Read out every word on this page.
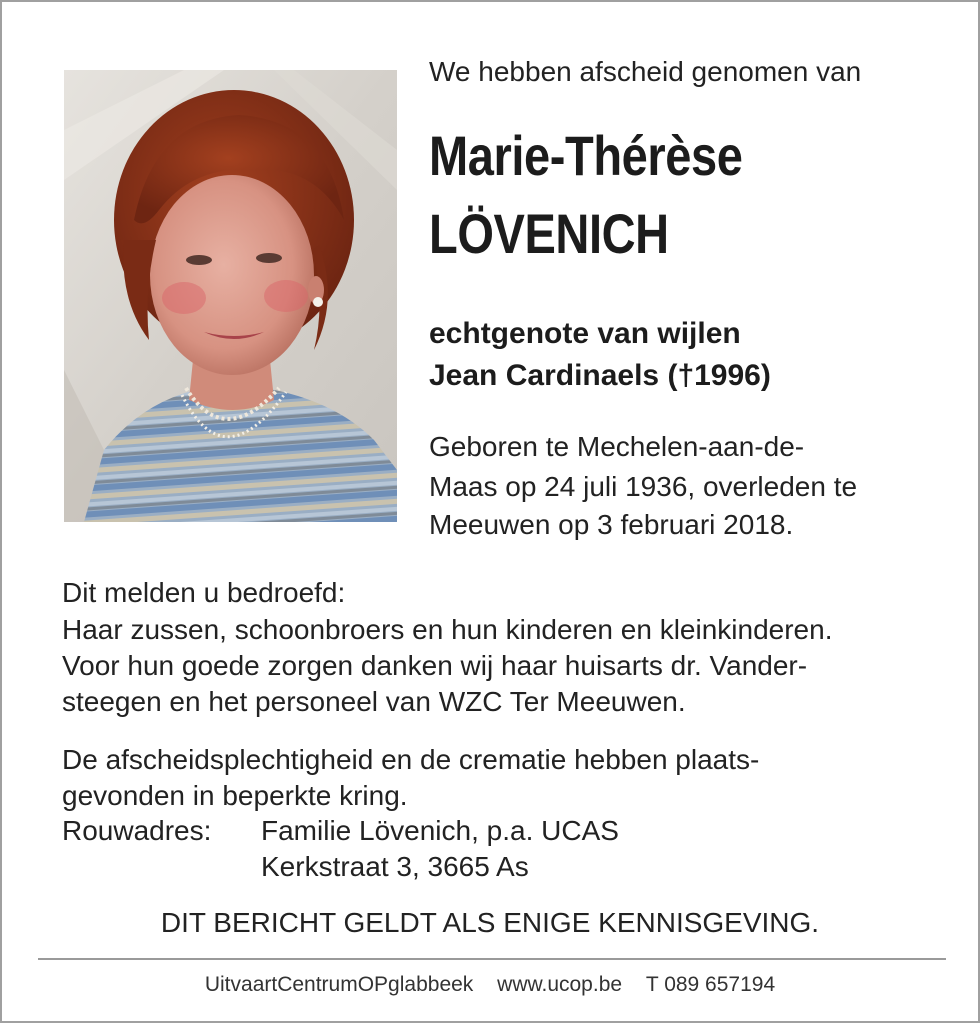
We hebben afscheid genomen van
Marie-Thérèse
LÖVENICH
echtgenote van wijlen
Jean Cardinaels (†1996)
Geboren te Mechelen-aan-de-
Maas op 24 juli 1936, overleden te
Meeuwen op 3 februari 2018.
Dit melden u bedroefd:
Haar zussen, schoonbroers en hun kinderen en kleinkinderen.
Voor hun goede zorgen danken wij haar huisarts dr. Vander-
steegen en het personeel van WZC Ter Meeuwen.
De afscheidsplechtigheid en de crematie hebben plaats-
gevonden in beperkte kring.
Rouwadres: Familie Lövenich, p.a. UCAS
Kerkstraat 3, 3665 As
DIT BERICHT GELDT ALS ENIGE KENNISGEVING.
UitvaartCentrumOPglabbeek www.ucop.be T 089 657194
